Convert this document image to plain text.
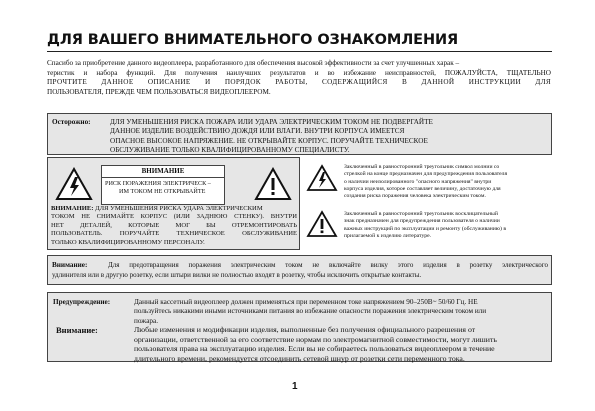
ДЛЯ ВАШЕГО ВНИМАТЕЛЬНОГО ОЗНАКОМЛЕНИЯ

Спасибо за приобретение данного видеоплеера, разработанного для обеспечения высокой эффективности за счет улучшенных харак –

теристик и набора функций. Для получения наилучших результатов и во избежание неисправностей, ПОЖАЛУЙСТА, ТЩАТЕЛЬНО

ПРОЧТИТЕ ДАННОЕ ОПИСАНИЕ И ПОРЯДОК РАБОТЫ, СОДЕРЖАЩИЙСЯ В ДАННОЙ ИНСТРУКЦИИ ДЛЯ

ПОЛЬЗОВАТЕЛЯ, ПРЕЖДЕ ЧЕМ ПОЛЬЗОВАТЬСЯ ВИДЕОПЛЕЕРОМ.

Осторожно:	ДЛЯ УМЕНЬШЕНИЯ РИСКА ПОЖАРА ИЛИ УДАРА ЭЛЕКТРИЧЕСКИМ ТОКОМ НЕ ПОДВЕРГАЙТЕ
ДАННОЕ ИЗДЕЛИЕ ВОЗДЕЙСТВИЮ ДОЖДЯ ИЛИ ВЛАГИ. ВНУТРИ КОРПУСА ИМЕЕТСЯ
ОПАСНОЕ ВЫСОКОЕ НАПРЯЖЕНИЕ. НЕ ОТКРЫВАЙТЕ КОРПУС. ПОРУЧАЙТЕ ТЕХНИЧЕСКОЕ
ОБСЛУЖИВАНИЕ ТОЛЬКО КВАЛИФИЦИРОВАННОМУ СПЕЦИАЛИСТУ.
ВНИМАНИЕ
РИСК ПОРАЖЕНИЯ ЭЛЕКТРИЧЕСК –
ИМ ТОКОМ НЕ ОТКРЫВАЙТЕ
ВНИМАНИЕ: ДЛЯ УМЕНЬШЕНИЯ РИСКА УДАРА ЭЛЕКТРИЧЕСКИМ
ТОКОМ НЕ СНИМАЙТЕ КОРПУС (ИЛИ ЗАДНЮЮ СТЕНКУ). ВНУТРИ
НЕТ ДЕТАЛЕЙ, КОТОРЫЕ МОГ БЫ ОТРЕМОНТИРОВАТЬ
ПОЛЬЗОВАТЕЛЬ. ПОРУЧАЙТЕ ТЕХНИЧЕСКОЕ ОБСЛУЖИВАНИЕ
ТОЛЬКО КВАЛИФИЦИРОВАННОМУ ПЕРСОНАЛУ.
Заключенный в равносторонний треугольник символ молнии со
стрелкой на конце предназначен для предупреждения пользователя
о наличии неизолированного "опасного напряжения" внутри
корпуса изделия, которое составляет величину, достаточную для
создания риска поражения человека электрическим током.
Заключенный в равносторонний треугольник восклицательный
знак предназначен для предупреждения пользователя о наличии
важных инструкций по эксплуатации и ремонту (обслуживанию) в
прилагаемой к изделию литературе.
Внимание:	Для предотвращения поражения электрическим током не включайте вилку этого изделия в розетку электрического
удлинителя или в другую розетку, если штыри вилки не полностью входят в розетку, чтобы исключить открытые контакты.
Предупреждение:	Данный кассетный видеоплеер должен применяться при переменном токе напряжением 90–250В~ 50/60 Гц. НЕ
пользуйтесь никакими иными источниками питания во избежание опасности поражения электрическим током или
пожара.
Внимание:	Любые изменения и модификации изделия, выполненные без получения официального разрешения от
организации, ответственной за его соответствие нормам по электромагнитной совместимости, могут лишить
пользователя права на эксплуатацию изделия. Если вы не собираетесь пользоваться видеоплеером в течение
длительного времени, рекомендуется отсоединить сетевой шнур от розетки сети переменного тока.
1
